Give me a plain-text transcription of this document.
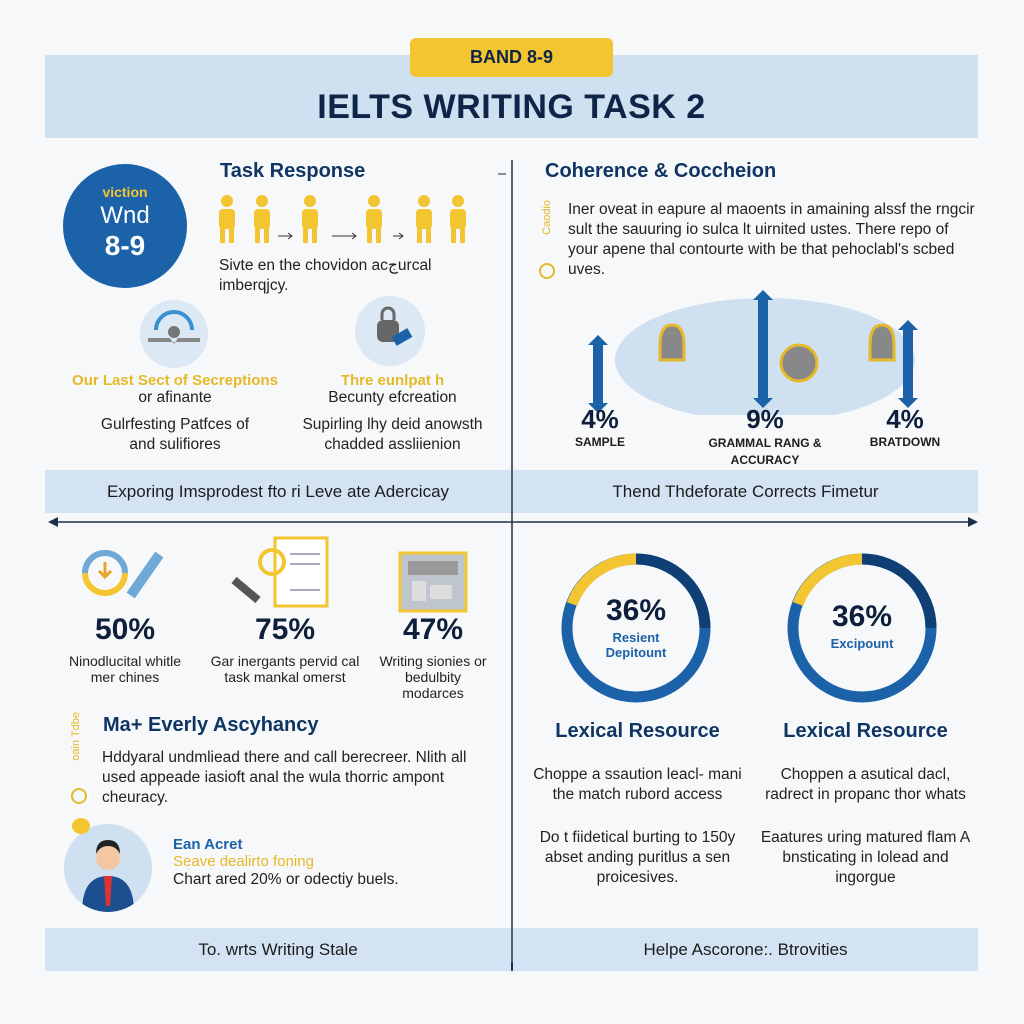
BAND 8-9
IELTS WRITING TASK 2
viction
Wnd
8-9
Task Response
Sivte en the chovidon acجurcal imberqjcy.
Our Last Sect of Secreptions
or afinante
Gulrfesting Patfces of and sulifiores
Thre eunlpat h
Becunty efcreation
Supirling lhy deid anowsth chadded assliienion
Exporing Imsprodest fto ri Leve ate Adercicay
Coherence & Coccheion
Caodio Iner oveat in eapure al maoents in amaining alssf the rngcir sult the sauuring io sulca lt uirnited ustes. There repo of your apene thal contourte with be that pehoclabl's scbed uves.
4%
SAMPLE
9%
GRAMMAL RANG & ACCURACY
4%
BRATDOWN
Thend Thdeforate Corrects Fimetur
50%
Ninodlucital whitle mer chines
75%
Gar inergants pervid cal task mankal omerst
47%
Writing sionies or bedulbity modarces
oain Tdbe Ma+ Everly Ascyhancy
Hddyaral undmliead there and call berecreer. Nlith all used appeade iasioft anal the wula thorric ampont cheuracy.
Ean Acret
Seave dealirto foning
Chart ared 20% or odectiy buels.
To. wrts Writing Stale
36%
Resient Depitount
36%
Excipount
Lexical Resource
Choppe a ssaution leacl- mani the match rubord access
Do t fiidetical burting to 150y abset anding puritlus a sen proicesives.
Lexical Resource
Choppen a asutical dacl, radrect in propanc thor whats
Eaatures uring matured flam A bnsticating in lolead and ingorgue
Helpe Ascorone:. Btrovities
